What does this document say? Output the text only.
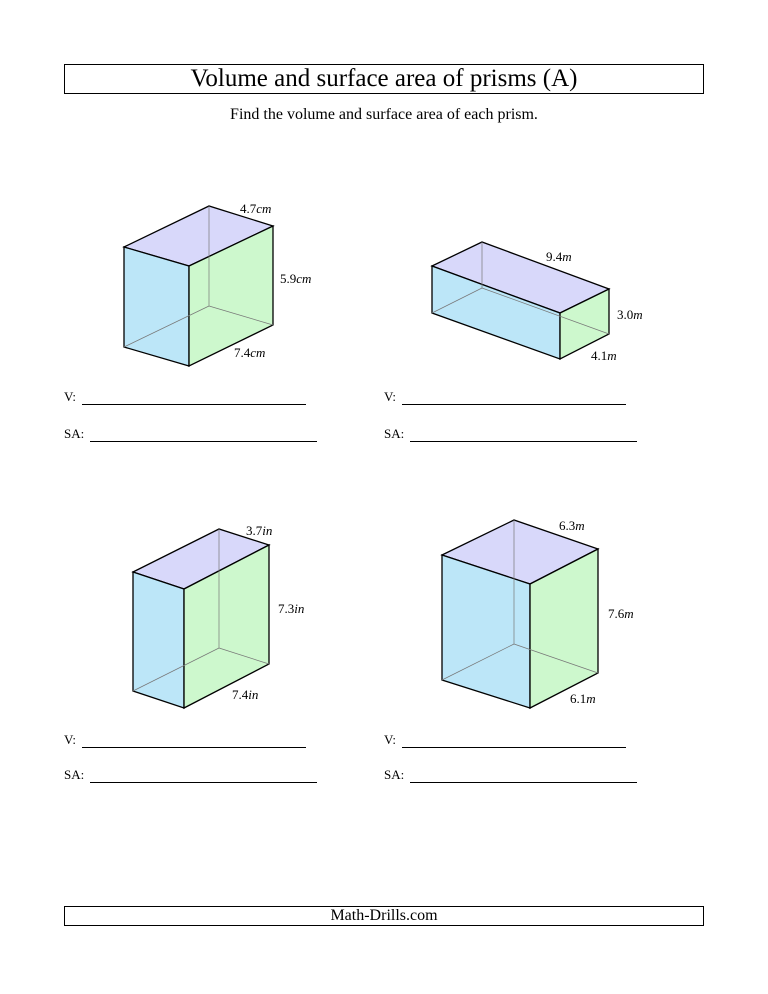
Volume and surface area of prisms (A)
Find the volume and surface area of each prism.
4.7cm
5.9cm
7.4cm
9.4m
3.0m
4.1m
3.7in
7.3in
7.4in
6.3m
7.6m
6.1m
V:
SA:
V:
SA:
V:
SA:
V:
SA:
Math-Drills.com
